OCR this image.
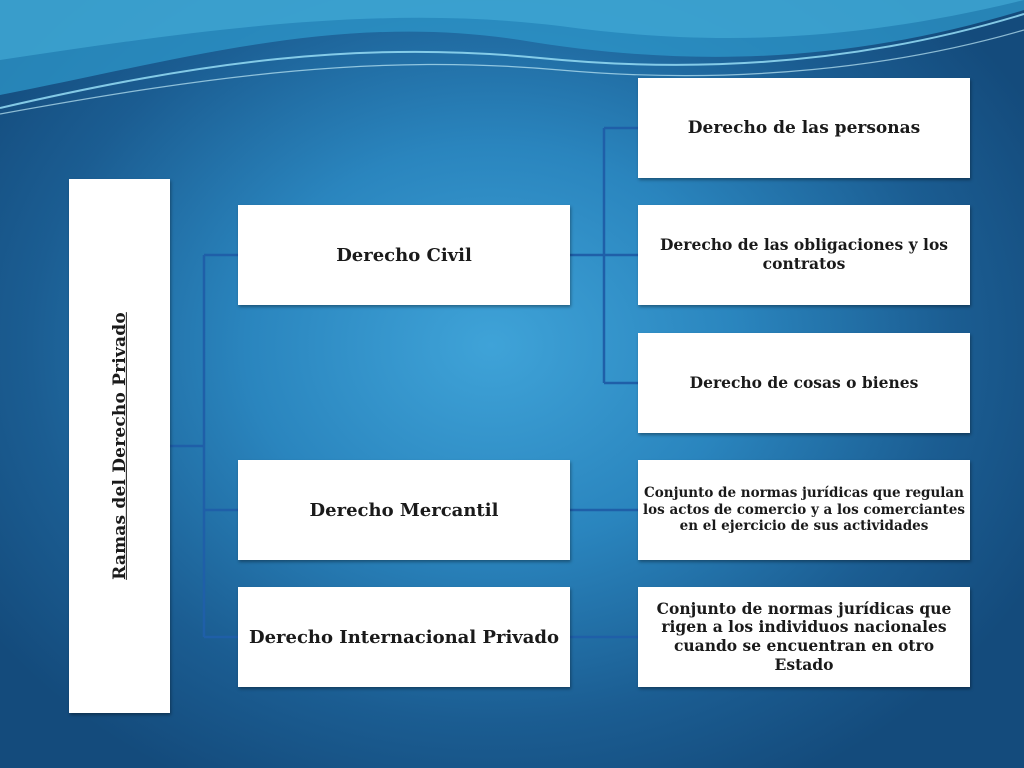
Ramas del Derecho Privado
Derecho Civil
Derecho Mercantil
Derecho Internacional Privado
Derecho de las personas
Derecho de las obligaciones y los contratos
Derecho de cosas o bienes
Conjunto de normas jurídicas que regulan los actos de comercio y a los comerciantes en el ejercicio de sus actividades
Conjunto de normas jurídicas que rigen a los individuos nacionales cuando se encuentran en otro Estado
